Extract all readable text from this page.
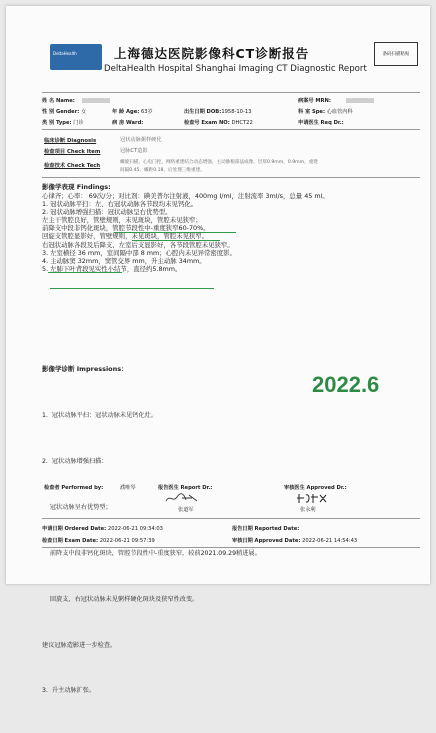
DeltaHealth	上海德达医院影像科CT诊断报告
DeltaHealth Hospital Shanghai Imaging CT Diagnostic Report
条码扫描粘贴
姓 名 Name:	病案号 MRN:
性 别 Gender: 女	年 龄 Age: 63岁	出生日期 DOB:1958-10-13	科 室 Spe: 心血管内科
类 别 Type: 门诊	病 房 Ward:	检查号 Exam NO: DHCT22	申请医生 Req Dr.:
临床诊断 Diagnosis	冠状动脉粥样硬化
检查项目 Check Item	冠脉CT造影
检查技术 Check Tech
螺旋扫描，心电门控，网络重建结合动态增强，主动脉根部法成像，层厚0.9mm，0.9mm，重建
间隔0.45，螺距0.18，后处理三维重建。
影像学表现 Findings:
心律齐；心率： 69次/分；对比剂：碘美普尔注射液，400mg I/ml，注射流率 3ml/s，总量 45 ml。
1. 冠状动脉平扫：左、右冠状动脉各节段均未见钙化。
2. 冠状动脉增强扫描：冠状动脉呈右优势型。
左主干管腔良好，管壁规则，未见斑块，管腔未见狭窄；
前降支中段非钙化斑块，管腔节段性中-重度狭窄60-70%。
回旋支管腔显影好，管壁规则，未见斑块，管腔未见狭窄。
右冠状动脉各段及后降支、左室后支显影好，各节段管腔未见狭窄。
3. 左室横径 36 mm，室间隔中部 8 mm；心腔内未见异常密度影。
4. 主动脉窦 32mm，窦管交界 mm，升主动脉 34mm。
5. 左肺下叶背段见实性小结节，直径约5.8mm。
影像学诊断 Impressions：

1.  冠状动脉平扫：冠状动脉未见钙化灶。

2.  冠状动脉增强扫描：

冠状动脉呈右优势型；

前降支中段非钙化斑块，管腔节段性中-重度狭窄，较前2021.09.29稍进展。

回旋支、右冠状动脉未见粥样硬化斑块及狭窄性改变。

建议冠脉造影进一步检查。

3.  升主动脉扩张。

2022.6
检查者 Performed by:	濮唯琴	报告医生 Report Dr.:
张道军
审核医生 Approved Dr.:
张永利
申请日期 Ordered Date: 2022-06-21 09:34:03	报告日期 Reported Date:
检查日期 Exam Date: 2022-06-21 09:57:39	审核日期 Approved Date: 2022-06-21 14:54:43
